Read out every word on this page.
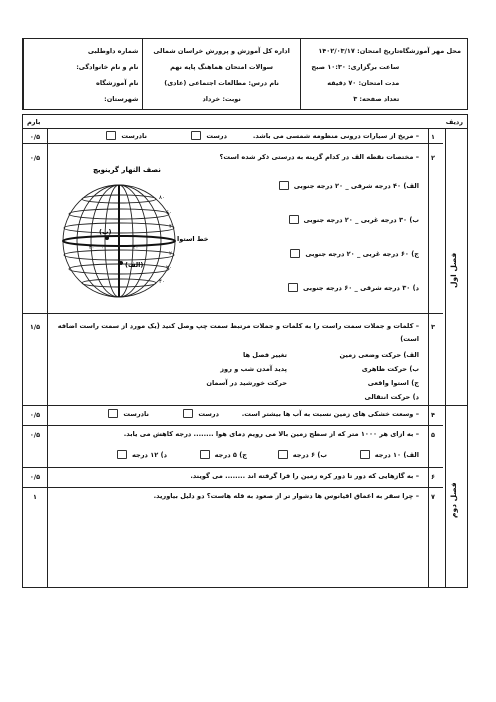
شماره داوطلبی
نام و نام خانوادگی:
نام آموزشگاه
شهرستان:
اداره کل آموزش و پرورش خراسان شمالی
سوالات امتحان هماهنگ پایه نهم
نام درس: مطالعات اجتماعی (عادی)
نوبت: خرداد
تاریخ امتحان: ۱۴۰۲/۰۳/۱۷
ساعت برگزاری: ۱۰:۳۰ صبح
مدت امتحان: ۷۰ دقیقه
تعداد صفحه: ۳
محل مهر آموزشگاه
ردیف
بارم
فصل اول
فصل دوم
۱
– مریخ از سیارات درونی منظومه شمسی می باشد.
درست
نادرست
۰/۵
۲
– مختصات نقطه الف در کدام گزینه به درستی ذکر شده است؟
۰/۵
الف) ۴۰ درجه شرقی _ ۲۰ درجه جنوبی
ب) ۳۰ درجه غربی _ ۲۰ درجه جنوبی
ج) ۶۰ درجه غربی _ ۲۰ درجه جنوبی
د) ۳۰ درجه شرقی _ ۶۰ درجه جنوبی
(الف)
(ب)
نصف النهار گرینویچ
خط استوا
۸۰
۶۰
۴۰
۲۰
۲۰
۴۰
۲۰ ۰	۲۰
۳
– کلمات و جملات سمت راست را به کلمات و جملات مرتبط سمت چپ وصل کنید (یک مورد از سمت راست اضافه
است)
۱/۵
الف) حرکت وضعی زمین
ب) حرکت ظاهری
ج) استوا واقعی
د) حرکت انتقالی
تغییر فصل ها
پدید آمدن شب و روز
حرکت خورشید در آسمان
۴
– وسعت خشکی های زمین نسبت به آب ها بیشتر است.
درست
نادرست
۰/۵
۵
– به ازای هر ۱۰۰۰ متر که از سطح زمین بالا می رویم دمای هوا ........ درجه کاهش می یابد.
۰/۵
الف) ۱۰ درجه
ب) ۶ درجه
ج) ۵ درجه
د) ۱۲ درجه
۶
– به گازهایی که دور تا دور کره زمین را فرا گرفته اند ........ می گویند.
۰/۵
۷
– چرا سفر به اعماق اقیانوس ها دشوار تر از صعود به قله هاست؟ دو دلیل بیاورید.
۱
